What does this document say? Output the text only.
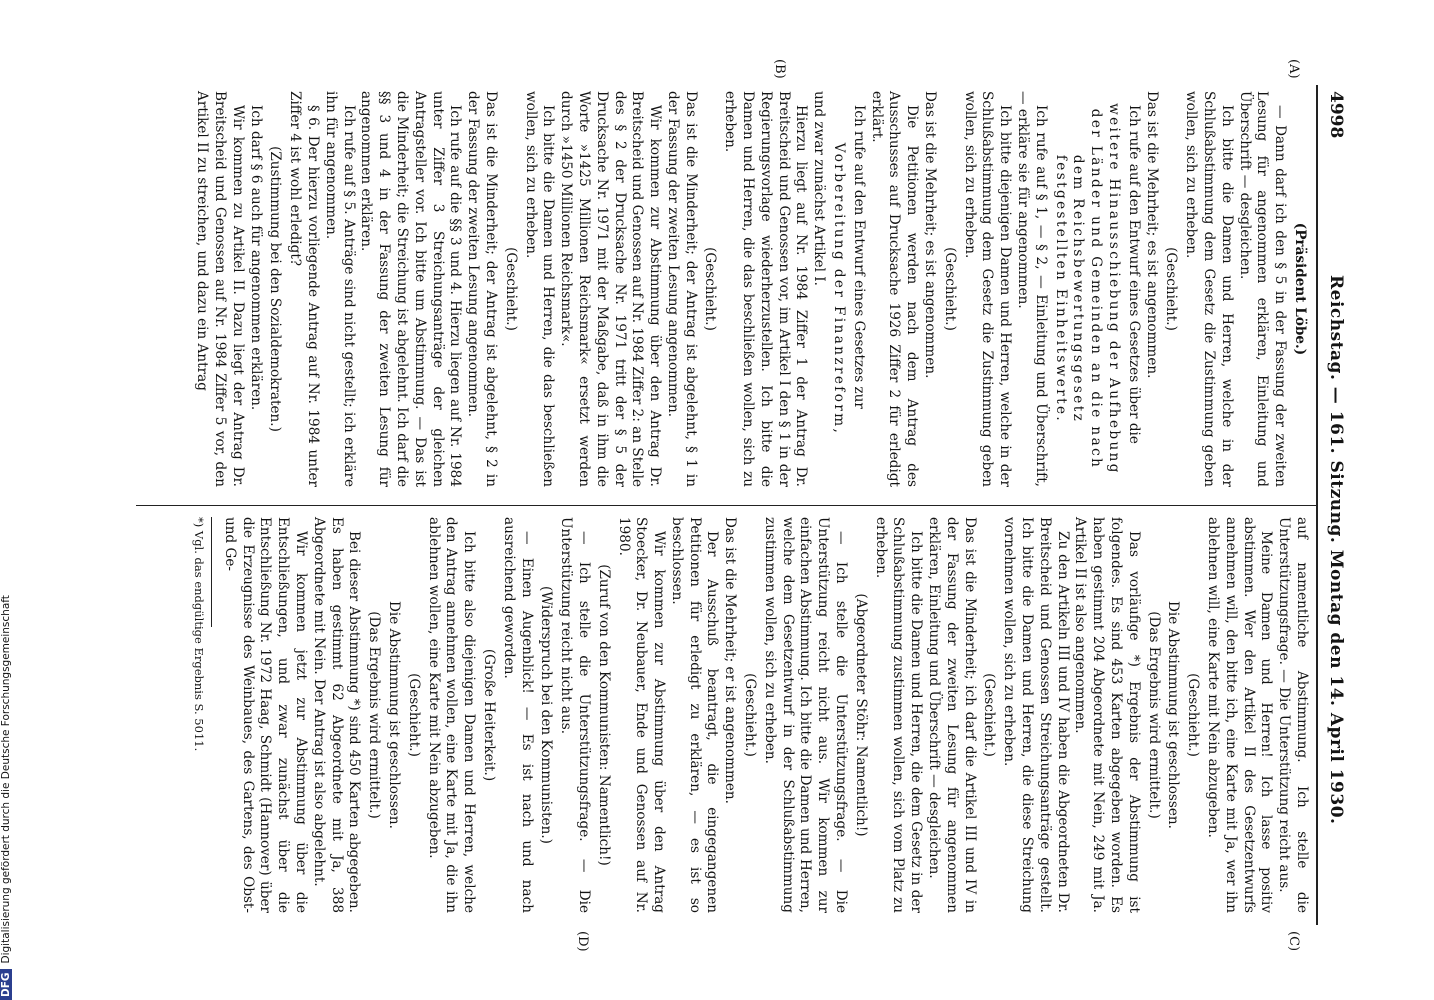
4998
Reichstag. — 161. Sitzung. Montag den 14. April 1930.
(A)
(B)
(C)
(D)

(Präsident Löbe.)

— Dann darf ich den § 5 in der Fassung der zweiten Lesung für angenommen erklären, Einleitung und Überschrift — desgleichen.

Ich bitte die Damen und Herren, welche in der Schlußabstimmung dem Gesetz die Zustimmung geben wollen, sich zu erheben.

(Geschieht.)

Das ist die Mehrheit; es ist angenommen.

Ich rufe auf den Entwurf eines Gesetzes über die

weitere Hinausschiebung der Aufhebung der Länder und Gemeinden an die nach dem Reichsbewertungsgesetz festgestellten Einheitswerte.

Ich rufe auf § 1, — § 2, — Einleitung und Überschrift, — erkläre sie für angenommen.

Ich bitte diejenigen Damen und Herren, welche in der Schlußabstimmung dem Gesetz die Zustimmung geben wollen, sich zu erheben.

(Geschieht.)

Das ist die Mehrheit; es ist angenommen.

Die Petitionen werden nach dem Antrag des Ausschusses auf Drucksache 1926 Ziffer 2 für erledigt erklärt.

Ich rufe auf den Entwurf eines Gesetzes zur

Vorbereitung der Finanzreform,

und zwar zunächst Artikel I.

Hierzu liegt auf Nr. 1984 Ziffer 1 der Antrag Dr. Breitscheid und Genossen vor, im Artikel I den § 1 in der Regierungsvorlage wiederherzustellen. Ich bitte die Damen und Herren, die das beschließen wollen, sich zu erheben.

(Geschieht.)

Das ist die Minderheit; der Antrag ist abgelehnt, § 1 in der Fassung der zweiten Lesung angenommen.

Wir kommen zur Abstimmung über den Antrag Dr. Breitscheid und Genossen auf Nr. 1984 Ziffer 2: an Stelle des § 2 der Drucksache Nr. 1971 tritt der § 5 der Drucksache Nr. 1971 mit der Maßgabe, daß in ihm die Worte »1425 Millionen Reichsmark« ersetzt werden durch »1450 Millionen Reichsmark«.

Ich bitte die Damen und Herren, die das beschließen wollen, sich zu erheben.

(Geschieht.)

Das ist die Minderheit; der Antrag ist abgelehnt, § 2 in der Fassung der zweiten Lesung angenommen.

Ich rufe auf die §§ 3 und 4. Hierzu liegen auf Nr. 1984 unter Ziffer 3 Streichungsanträge der gleichen Antragsteller vor. Ich bitte um Abstimmung. — Das ist die Minderheit; die Streichung ist abgelehnt. Ich darf die §§ 3 und 4 in der Fassung der zweiten Lesung für angenommen erklären.

Ich rufe auf § 5. Anträge sind nicht gestellt; ich erkläre ihn für angenommen.

§ 6. Der hierzu vorliegende Antrag auf Nr. 1984 unter Ziffer 4 ist wohl erledigt?

(Zustimmung bei den Sozialdemokraten.)

Ich darf § 6 auch für angenommen erklären.

Wir kommen zu Artikel II. Dazu liegt der Antrag Dr. Breitscheid und Genossen auf Nr. 1984 Ziffer 5 vor, den Artikel II zu streichen, und dazu ein Antrag

auf namentliche Abstimmung. Ich stelle die Unterstützungsfrage. — Die Unterstützung reicht aus.

Meine Damen und Herren! Ich lasse positiv abstimmen. Wer den Artikel II des Gesetzentwurfs annehmen will, den bitte ich, eine Karte mit Ja, wer ihn ablehnen will, eine Karte mit Nein abzugeben.

(Geschieht.)

Die Abstimmung ist geschlossen.

(Das Ergebnis wird ermittelt.)

Das vorläufige *) Ergebnis der Abstimmung ist folgendes. Es sind 453 Karten abgegeben worden. Es haben gestimmt 204 Abgeordnete mit Nein, 249 mit Ja. Artikel II ist also angenommen.

Zu den Artikeln III und IV haben die Abgeordneten Dr. Breitscheid und Genossen Streichungsanträge gestellt. Ich bitte die Damen und Herren, die diese Streichung vornehmen wollen, sich zu erheben.

(Geschieht.)

Das ist die Minderheit; ich darf die Artikel III und IV in der Fassung der zweiten Lesung für angenommen erklären, Einleitung und Überschrift — desgleichen.

Ich bitte die Damen und Herren, die dem Gesetz in der Schlußabstimmung zustimmen wollen, sich vom Platz zu erheben.

(Abgeordneter Stöhr: Namentlich!)

— Ich stelle die Unterstützungsfrage. — Die Unterstützung reicht nicht aus. Wir kommen zur einfachen Abstimmung. Ich bitte die Damen und Herren, welche dem Gesetzentwurf in der Schlußabstimmung zustimmen wollen, sich zu erheben.

(Geschieht.)

Das ist die Mehrheit; er ist angenommen.

Der Ausschuß beantragt, die eingegangenen Petitionen für erledigt zu erklären, — es ist so beschlossen.

Wir kommen zur Abstimmung über den Antrag Stoecker, Dr. Neubauer, Ende und Genossen auf Nr. 1980.

(Zuruf von den Kommunisten: Namentlich!)

— Ich stelle die Unterstützungsfrage. — Die Unterstützung reicht nicht aus.

(Widerspruch bei den Kommunisten.)

— Einen Augenblick! — Es ist nach und nach ausreichend geworden.

(Große Heiterkeit.)

Ich bitte also diejenigen Damen und Herren, welche den Antrag annehmen wollen, eine Karte mit Ja, die ihn ablehnen wollen, eine Karte mit Nein abzugeben.

(Geschieht.)

Die Abstimmung ist geschlossen.

(Das Ergebnis wird ermittelt.)

Bei dieser Abstimmung *) sind 450 Karten abgegeben. Es haben gestimmt 62 Abgeordnete mit Ja, 388 Abgeordnete mit Nein. Der Antrag ist also abgelehnt.

Wir kommen jetzt zur Abstimmung über die Entschließungen, und zwar zunächst über die Entschließung Nr. 1972 Haag, Schmidt (Hannover) über die Erzeugnisse des Weinbaues, des Gartens, des Obst- und Ge-

*) Vgl. das endgültige Ergebnis S. 5011.

DFGDigitalisierung gefördert durch die Deutsche Forschungsgemeinschaft
